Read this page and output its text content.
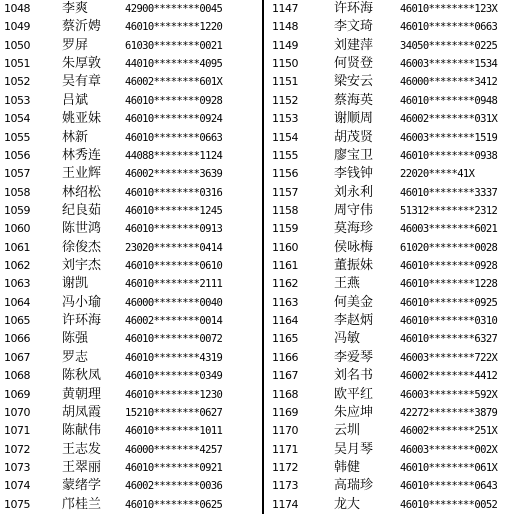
1048 李爽	42900********0045
1049 蔡沂娉 46010********1220
1050 罗屏	61030********0021
1051 朱厚敦 44010********4095
1052 吴有章 46002********601X
1053 吕斌	46010********0928
1054 姚亚妹 46010********0924
1055 林新	46010********0663
1056 林秀连 44088********1124
1057 王业辉 46002********3639
1058 林绍松 46010********0316
1059 纪良茹 46010********1245
1060 陈世鸿 46010********0913
1061 徐俊杰 23020********0414
1062 刘宇杰 46010********0610
1063 谢凯	46010********2111
1064 冯小瑜 46000********0040
1065 许环海 46002********0014
1066 陈强	46010********0072
1067 罗志	46010********4319
1068 陈秋凤 46010********0349
1069 黄朝理 46010********1230
1070 胡凤霞 15210********0627
1071 陈献伟 46010********1011
1072 王志发 46000********4257
1073 王翠丽 46010********0921
1074 蒙绪学 46002********0036
1075 邝桂兰 46010********0625
1147	许环海	46010********123X
1148	李文琦	46010********0663
1149	刘建萍	34050********0225
1150	何贤登	46003********1534
1151	梁安云	46000********3412
1152	蔡海英	46010********0948
1153	谢顺周	46002********031X
1154	胡茂贤	46003********1519
1155	廖宝卫	46010********0938
1156	李钱钟	22020*****41X
1157	刘永利	46010********3337
1158	周守伟	51312********2312
1159	莫海珍	46003********6021
1160	侯咏梅	61020********0028
1161	董振妹	46010********0928
1162	王燕	46010********1228
1163	何美金	46010********0925
1164	李赵炳	46010********0310
1165	冯敏	46010********6327
1166	李爱琴	46003********722X
1167	刘名书	46002********4412
1168	欧平红	46003********592X
1169	朱应坤	42272********3879
1170	云圳	46002********251X
1171	吴月琴	46003********002X
1172	韩健	46010********061X
1173	高瑞珍	46010********0643
1174	龙大	46010********0052
